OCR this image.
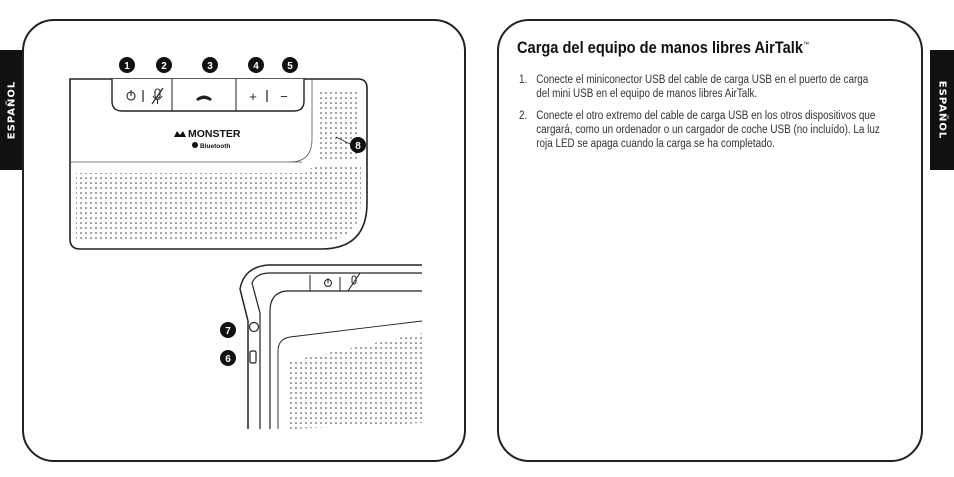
ESPAÑOL	ESPAÑOL
+ −
MONSTER
Bluetooth
1	2	3	4	5
8
7
6
Carga del equipo de manos libres AirTalk™
1. Conecte el miniconector USB del cable de carga USB en el puerto de carga del mini USB en el equipo de manos libres AirTalk.
2. Conecte el otro extremo del cable de carga USB en los otros dispositivos que cargará, como un ordenador o un cargador de coche USB (no incluído). La luz roja LED se apaga cuando la carga se ha completado.
